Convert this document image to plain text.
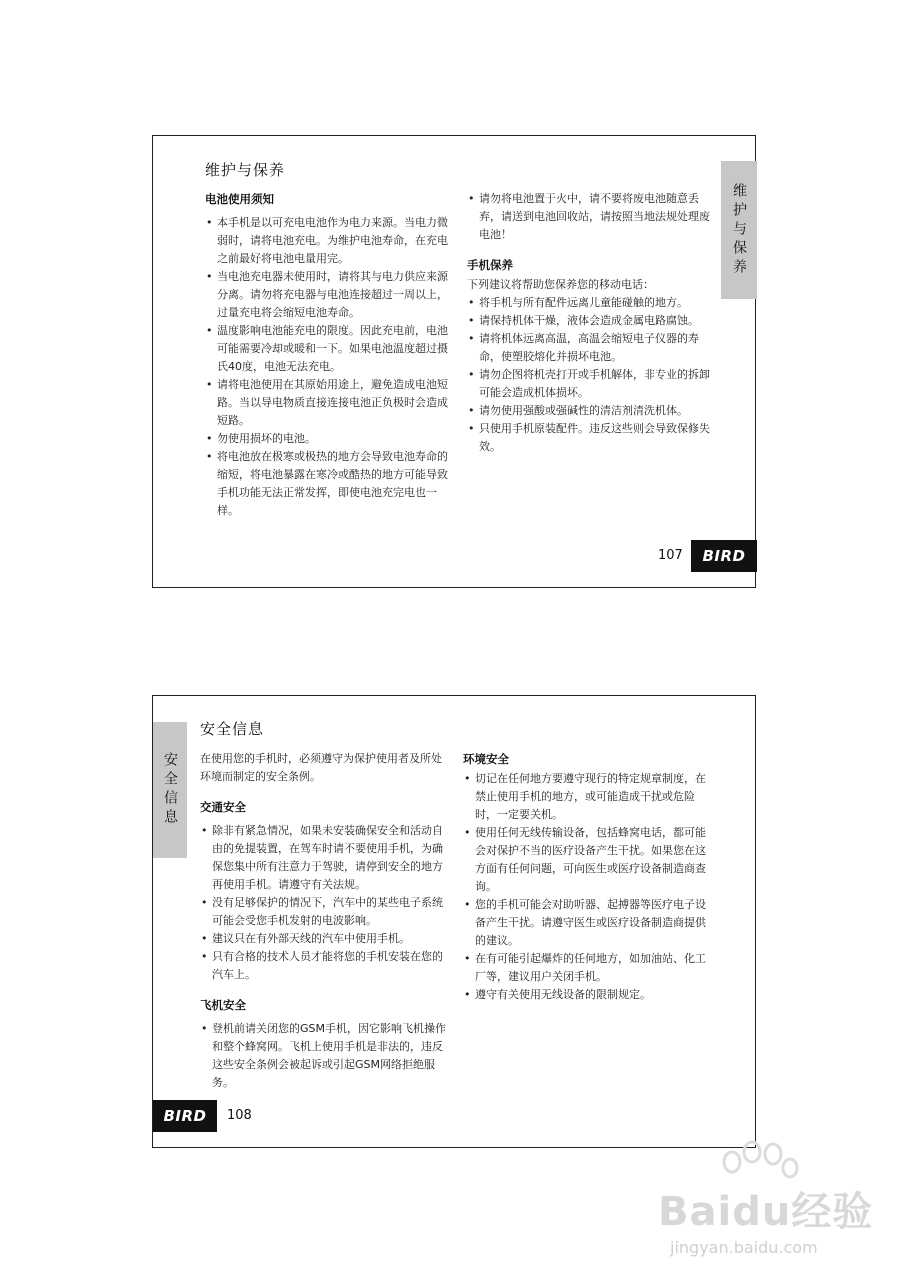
维护与保养
电池使用须知
• 本手机是以可充电电池作为电力来源。当电力微弱时，请将电池充电。为维护电池寿命，在充电之前最好将电池电量用完。
• 当电池充电器未使用时，请将其与电力供应来源分离。请勿将充电器与电池连接超过一周以上，过量充电将会缩短电池寿命。
• 温度影响电池能充电的限度。因此充电前，电池可能需要冷却或暖和一下。如果电池温度超过摄氏40度，电池无法充电。
• 请将电池使用在其原始用途上，避免造成电池短路。当以导电物质直接连接电池正负极时会造成短路。
• 勿使用损坏的电池。
• 将电池放在极寒或极热的地方会导致电池寿命的缩短，将电池暴露在寒冷或酷热的地方可能导致手机功能无法正常发挥，即使电池充完电也一样。
• 请勿将电池置于火中，请不要将废电池随意丢弃，请送到电池回收站，请按照当地法规处理废电池！
手机保养
下列建议将帮助您保养您的移动电话：
• 将手机与所有配件远离儿童能碰触的地方。
• 请保持机体干燥，液体会造成金属电路腐蚀。
• 请将机体远离高温，高温会缩短电子仪器的寿命，使塑胶熔化并损坏电池。
• 请勿企图将机壳打开或手机解体，非专业的拆卸可能会造成机体损坏。
• 请勿使用强酸或强碱性的清洁剂清洗机体。
• 只使用手机原装配件。违反这些则会导致保修失效。
维护与保养
107	BIRD
安全信息
安全信息
在使用您的手机时，必须遵守为保护使用者及所处环境而制定的安全条例。
交通安全
• 除非有紧急情况，如果未安装确保安全和活动自由的免提装置，在驾车时请不要使用手机，为确保您集中所有注意力于驾驶，请停到安全的地方再使用手机。请遵守有关法规。
• 没有足够保护的情况下，汽车中的某些电子系统可能会受您手机发射的电波影响。
• 建议只在有外部天线的汽车中使用手机。
• 只有合格的技术人员才能将您的手机安装在您的汽车上。
飞机安全
• 登机前请关闭您的GSM手机，因它影响飞机操作和整个蜂窝网。飞机上使用手机是非法的，违反这些安全条例会被起诉或引起GSM网络拒绝服务。
环境安全
• 切记在任何地方要遵守现行的特定规章制度，在禁止使用手机的地方，或可能造成干扰或危险时，一定要关机。
• 使用任何无线传输设备，包括蜂窝电话，都可能会对保护不当的医疗设备产生干扰。如果您在这方面有任何问题，可向医生或医疗设备制造商查询。
• 您的手机可能会对助听器、起搏器等医疗电子设备产生干扰。请遵守医生或医疗设备制造商提供的建议。
• 在有可能引起爆炸的任何地方，如加油站、化工厂等，建议用户关闭手机。
• 遵守有关使用无线设备的限制规定。
BIRD	108
Baidu经验
jingyan.baidu.com
